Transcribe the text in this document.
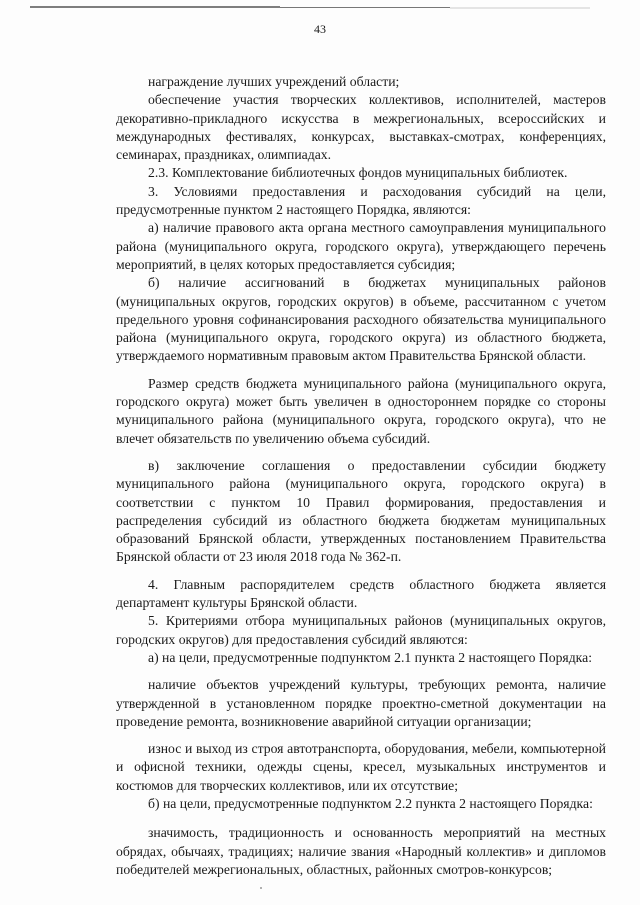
43

награждение лучших учреждений области;

обеспечение участия творческих коллективов, исполнителей, мастеров декоративно-прикладного искусства в межрегиональных, всероссийских и международных фестивалях, конкурсах, выставках-смотрах, конференциях, семинарах, праздниках, олимпиадах.

2.3. Комплектование библиотечных фондов муниципальных библиотек.

3. Условиями предоставления и расходования субсидий на цели, предусмотренные пунктом 2 настоящего Порядка, являются:

а) наличие правового акта органа местного самоуправления муниципального района (муниципального округа, городского округа), утверждающего перечень мероприятий, в целях которых предоставляется субсидия;

б) наличие ассигнований в бюджетах муниципальных районов (муниципальных округов, городских округов) в объеме, рассчитанном с учетом предельного уровня софинансирования расходного обязательства муниципального района (муниципального округа, городского округа) из областного бюджета, утверждаемого нормативным правовым актом Правительства Брянской области.

Размер средств бюджета муниципального района (муниципального округа, городского округа) может быть увеличен в одностороннем порядке со стороны муниципального района (муниципального округа, городского округа), что не влечет обязательств по увеличению объема субсидий.

в) заключение соглашения о предоставлении субсидии бюджету муниципального района (муниципального округа, городского округа) в соответствии с пунктом 10 Правил формирования, предоставления и распределения субсидий из областного бюджета бюджетам муниципальных образований Брянской области, утвержденных постановлением Правительства Брянской области от 23 июля 2018 года № 362-п.

4. Главным распорядителем средств областного бюджета является департамент культуры Брянской области.

5. Критериями отбора муниципальных районов (муниципальных округов, городских округов) для предоставления субсидий являются:

а) на цели, предусмотренные подпунктом 2.1 пункта 2 настоящего Порядка:

наличие объектов учреждений культуры, требующих ремонта, наличие утвержденной в установленном порядке проектно-сметной документации на проведение ремонта, возникновение аварийной ситуации организации;

износ и выход из строя автотранспорта, оборудования, мебели, компьютерной и офисной техники, одежды сцены, кресел, музыкальных инструментов и костюмов для творческих коллективов, или их отсутствие;

б) на цели, предусмотренные подпунктом 2.2 пункта 2 настоящего Порядка:

значимость, традиционность и основанность мероприятий на местных обрядах, обычаях, традициях; наличие звания «Народный коллектив» и дипломов победителей межрегиональных, областных, районных смотров-конкурсов;
